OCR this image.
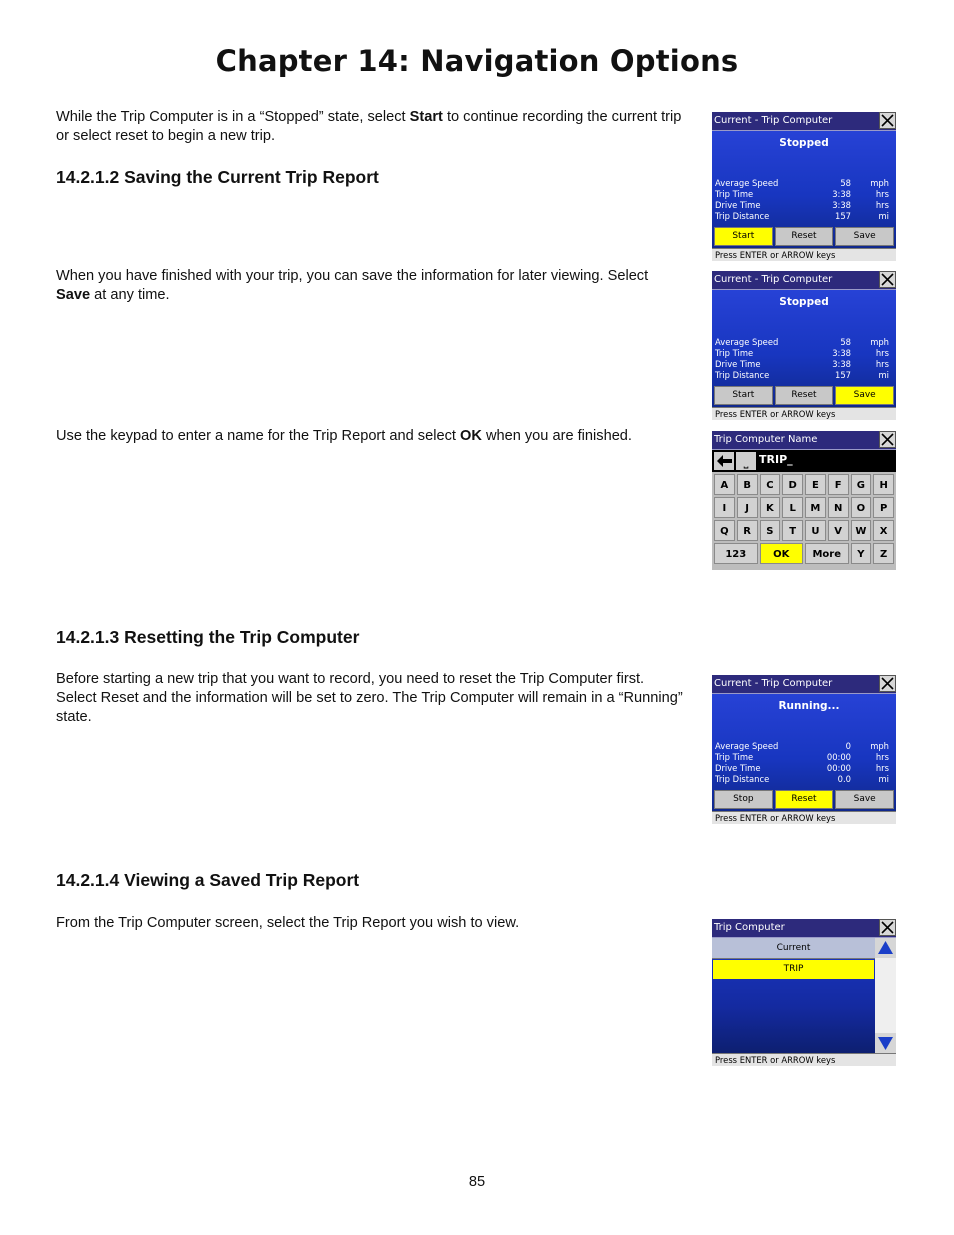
Chapter 14: Navigation Options

While the Trip Computer is in a “Stopped” state, select Start to continue recording the current trip or select reset to begin a new trip.

14.2.1.2 Saving the Current Trip Report

When you have finished with your trip, you can save the information for later viewing. Select Save at any time.

Use the keypad to enter a name for the Trip Report and select OK when you are finished.

14.2.1.3 Resetting the Trip Computer

Before starting a new trip that you want to record, you need to reset the Trip Computer first. Select Reset and the information will be set to zero. The Trip Computer will remain in a “Running” state.

14.2.1.4 Viewing a Saved Trip Report

From the Trip Computer screen, select the Trip Report you wish to view.

85
Current - Trip Computer
Stopped
Average Speed	58 mph
Trip Time	3:38	hrs
Drive Time	3:38	hrs
Trip Distance	157	mi
Start	Reset	Save
Press ENTER or ARROW keys
Current - Trip Computer
Stopped
Average Speed	58 mph
Trip Time	3:38	hrs
Drive Time	3:38	hrs
Trip Distance	157	mi
Start	Reset	Save
Press ENTER or ARROW keys
Trip Computer Name
⎵ TRIP_
A	B	C	D	E	F	G	H
I	J	K	L	M	N	O	P
Q	R	S	T	U	V	W	X
123	OK	More	Y	Z
Current - Trip Computer
Running...
Average Speed	0 mph
Trip Time	00:00	hrs
Drive Time	00:00	hrs
Trip Distance	0.0	mi
Stop	Reset	Save
Press ENTER or ARROW keys
Trip Computer
Current
TRIP
Press ENTER or ARROW keys
